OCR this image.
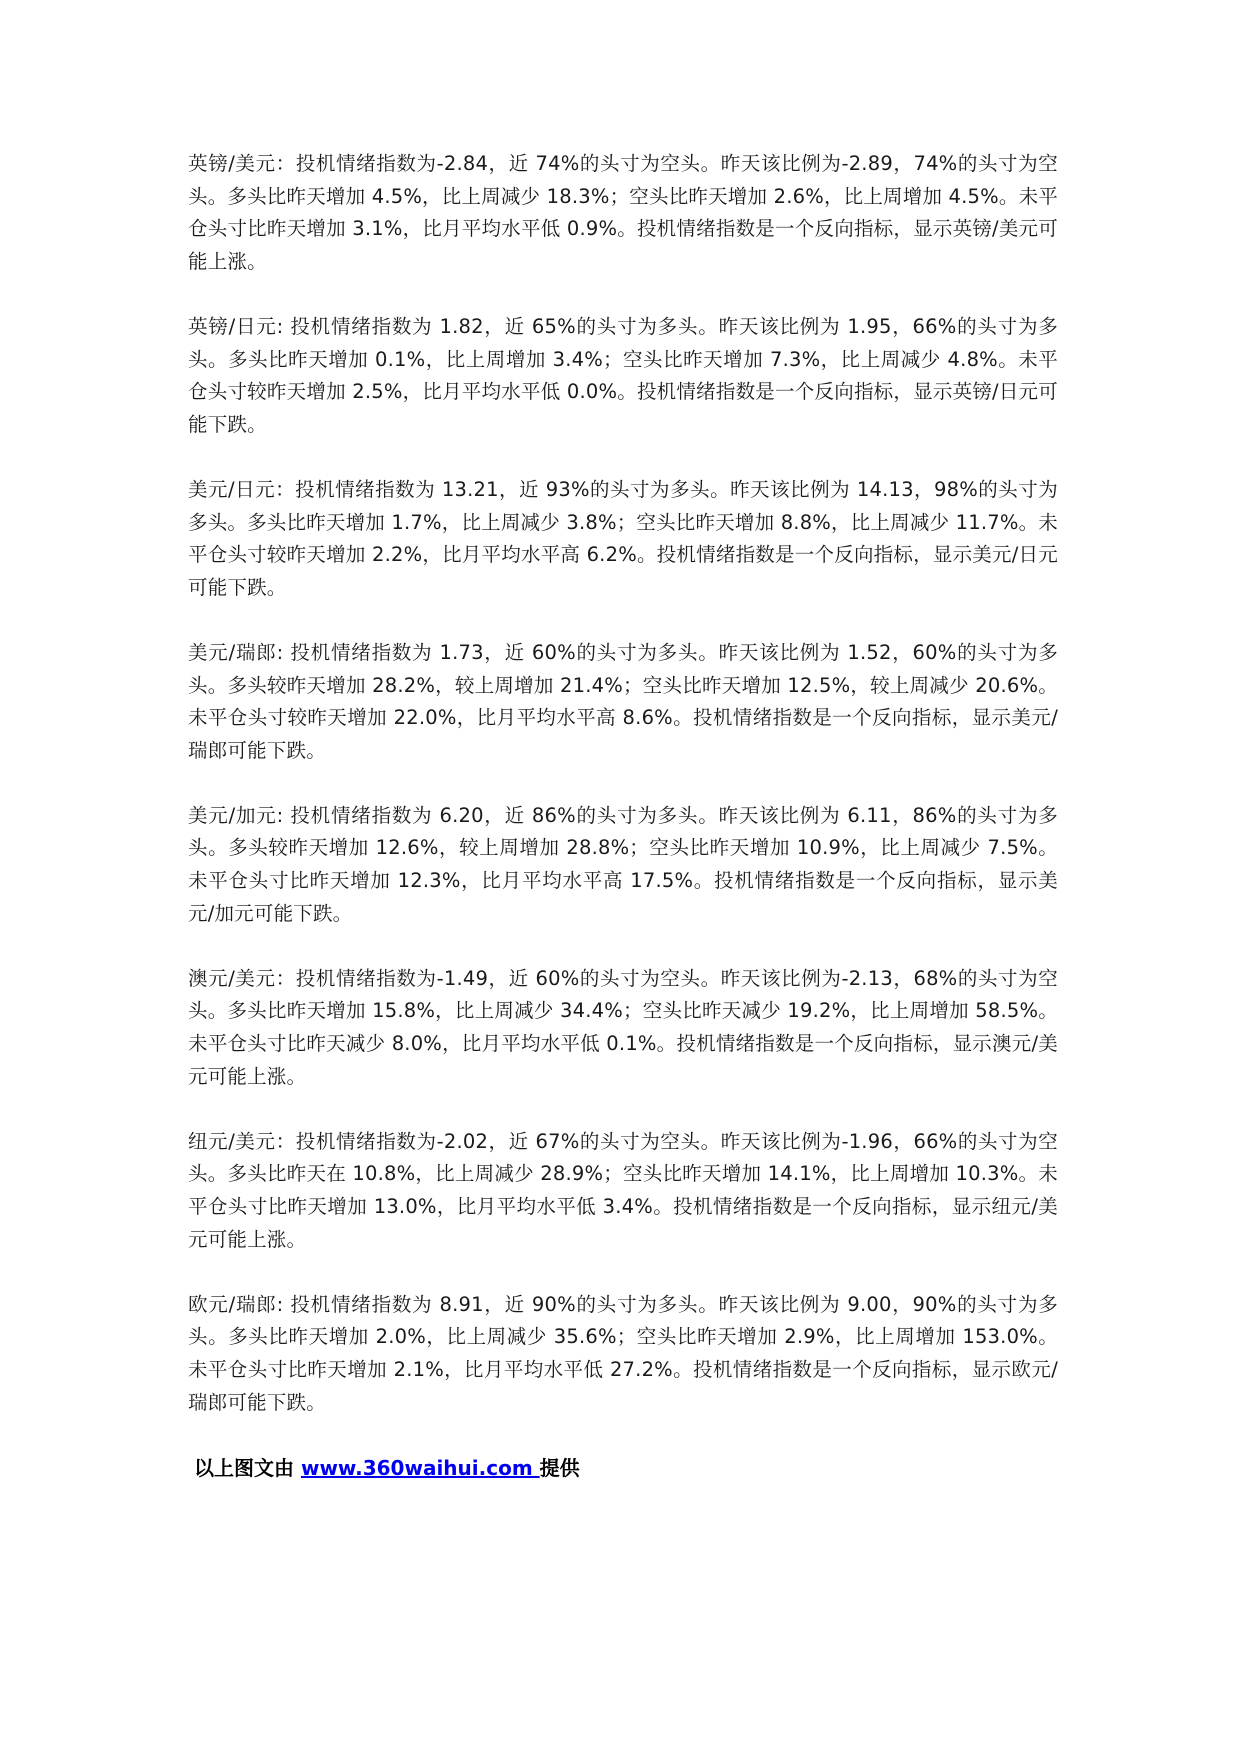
英镑/美元：投机情绪指数为-2.84，近 74%的头寸为空头。昨天该比例为-2.89，74%的头寸为空头。多头比昨天增加 4.5%，比上周减少 18.3%；空头比昨天增加 2.6%，比上周增加 4.5%。未平仓头寸比昨天增加 3.1%，比月平均水平低 0.9%。投机情绪指数是一个反向指标，显示英镑/美元可能上涨。

英镑/日元: 投机情绪指数为 1.82，近 65%的头寸为多头。昨天该比例为 1.95，66%的头寸为多头。多头比昨天增加 0.1%，比上周增加 3.4%；空头比昨天增加 7.3%，比上周减少 4.8%。未平仓头寸较昨天增加 2.5%，比月平均水平低 0.0%。投机情绪指数是一个反向指标，显示英镑/日元可能下跌。

美元/日元：投机情绪指数为 13.21，近 93%的头寸为多头。昨天该比例为 14.13，98%的头寸为多头。多头比昨天增加 1.7%，比上周减少 3.8%；空头比昨天增加 8.8%，比上周减少 11.7%。未平仓头寸较昨天增加 2.2%，比月平均水平高 6.2%。投机情绪指数是一个反向指标，显示美元/日元可能下跌。

美元/瑞郎: 投机情绪指数为 1.73，近 60%的头寸为多头。昨天该比例为 1.52，60%的头寸为多头。多头较昨天增加 28.2%，较上周增加 21.4%；空头比昨天增加 12.5%，较上周减少 20.6%。未平仓头寸较昨天增加 22.0%，比月平均水平高 8.6%。投机情绪指数是一个反向指标，显示美元/瑞郎可能下跌。

美元/加元: 投机情绪指数为 6.20，近 86%的头寸为多头。昨天该比例为 6.11，86%的头寸为多头。多头较昨天增加 12.6%，较上周增加 28.8%；空头比昨天增加 10.9%，比上周减少 7.5%。未平仓头寸比昨天增加 12.3%，比月平均水平高 17.5%。投机情绪指数是一个反向指标，显示美元/加元可能下跌。

澳元/美元：投机情绪指数为-1.49，近 60%的头寸为空头。昨天该比例为-2.13，68%的头寸为空头。多头比昨天增加 15.8%，比上周减少 34.4%；空头比昨天减少 19.2%，比上周增加 58.5%。未平仓头寸比昨天减少 8.0%，比月平均水平低 0.1%。投机情绪指数是一个反向指标，显示澳元/美元可能上涨。

纽元/美元：投机情绪指数为-2.02，近 67%的头寸为空头。昨天该比例为-1.96，66%的头寸为空头。多头比昨天在 10.8%，比上周减少 28.9%；空头比昨天增加 14.1%，比上周增加 10.3%。未平仓头寸比昨天增加 13.0%，比月平均水平低 3.4%。投机情绪指数是一个反向指标，显示纽元/美元可能上涨。

欧元/瑞郎: 投机情绪指数为 8.91，近 90%的头寸为多头。昨天该比例为 9.00，90%的头寸为多头。多头比昨天增加 2.0%，比上周减少 35.6%；空头比昨天增加 2.9%，比上周增加 153.0%。未平仓头寸比昨天增加 2.1%，比月平均水平低 27.2%。投机情绪指数是一个反向指标，显示欧元/瑞郎可能下跌。

以上图文由 www.360waihui.com 提供
